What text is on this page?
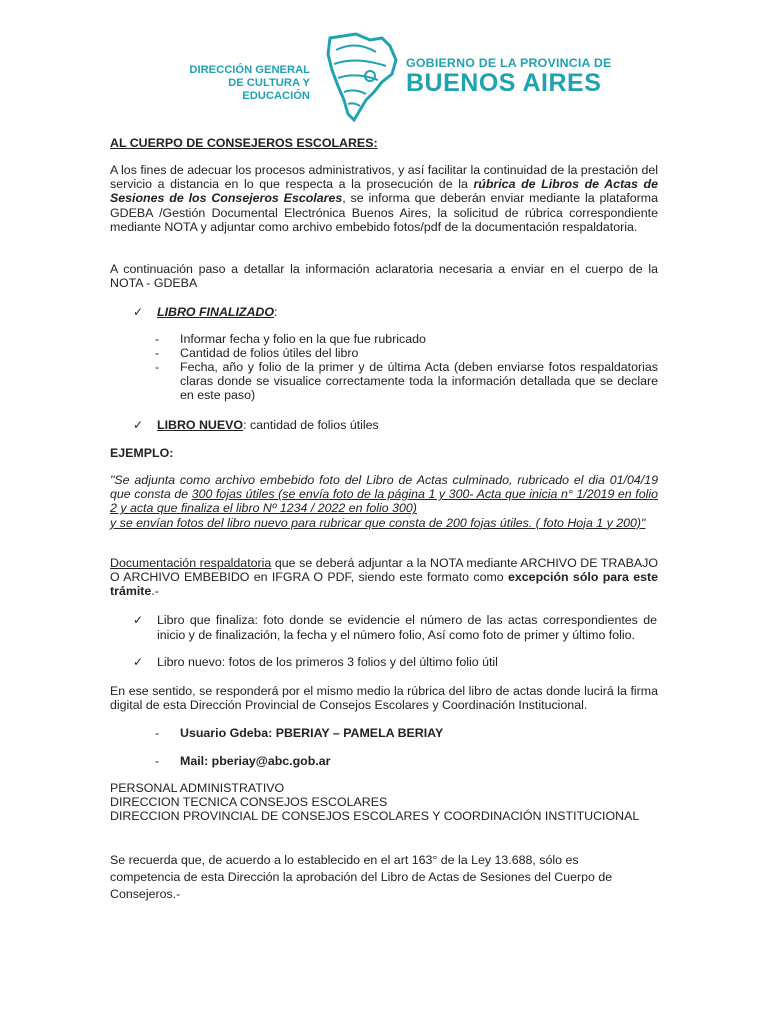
DIRECCIÓN GENERAL
DE CULTURA Y EDUCACIÓN
GOBIERNO DE LA PROVINCIA DE
BUENOS AIRES
AL CUERPO DE CONSEJEROS ESCOLARES:
A los fines de adecuar los procesos administrativos, y así facilitar la continuidad de la prestación del servicio a distancia en lo que respecta a la prosecución de la rúbrica de Libros de Actas de Sesiones de los Consejeros Escolares, se informa que deberán enviar mediante la plataforma GDEBA /Gestión Documental Electrónica Buenos Aires, la solicitud de rúbrica correspondiente mediante NOTA y adjuntar como archivo embebido fotos/pdf de la documentación respaldatoria.
A continuación paso a detallar la información aclaratoria necesaria a enviar en el cuerpo de la NOTA - GDEBA
✓ LIBRO FINALIZADO:
- Informar fecha y folio en la que fue rubricado
- Cantidad de folios útiles del libro
- Fecha, año y folio de la primer y de última Acta (deben enviarse fotos respaldatorias claras donde se visualice correctamente toda la información detallada que se declare en este paso)
✓ LIBRO NUEVO: cantidad de folios útiles
EJEMPLO:
"Se adjunta como archivo embebido foto del Libro de Actas culminado, rubricado el dia 01/04/19 que consta de 300 fojas útiles (se envía foto de la página 1 y 300- Acta que inicia n° 1/2019 en folio 2 y acta que finaliza el libro Nº 1234 / 2022 en folio 300)
y se envían fotos del libro nuevo para rubricar que consta de 200 fojas útiles. ( foto Hoja 1 y 200)"
Documentación respaldatoria que se deberá adjuntar a la NOTA mediante ARCHIVO DE TRABAJO O ARCHIVO EMBEBIDO en IFGRA O PDF, siendo este formato como excepción sólo para este trámite.-
✓ Libro que finaliza: foto donde se evidencie el número de las actas correspondientes de inicio y de finalización, la fecha y el número folio, Así como foto de primer y último folio.
✓ Libro nuevo: fotos de los primeros 3 folios y del último folio útil
En ese sentido, se responderá por el mismo medio la rúbrica del libro de actas donde lucirá la firma digital de esta Dirección Provincial de Consejos Escolares y Coordinación Institucional.
- Usuario Gdeba: PBERIAY – PAMELA BERIAY
- Mail: pberiay@abc.gob.ar
PERSONAL ADMINISTRATIVO
DIRECCION TECNICA CONSEJOS ESCOLARES
DIRECCION PROVINCIAL DE CONSEJOS ESCOLARES Y COORDINACIÓN INSTITUCIONAL
Se recuerda que, de acuerdo a lo establecido en el art 163° de la Ley 13.688, sólo es competencia de esta Dirección la aprobación del Libro de Actas de Sesiones del Cuerpo de Consejeros.-
